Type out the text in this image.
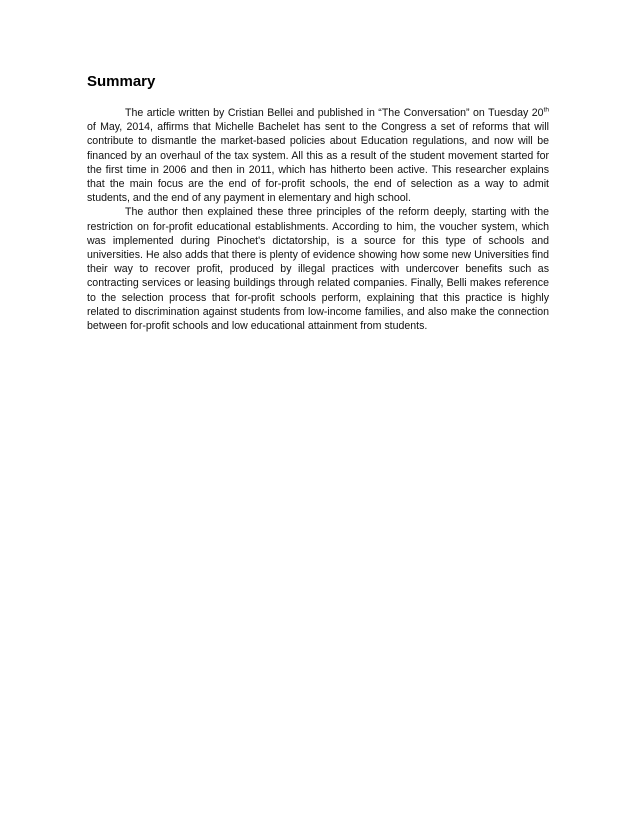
Summary

The article written by Cristian Bellei and published in “The Conversation” on Tuesday 20th of May, 2014, affirms that Michelle Bachelet has sent to the Congress a set of reforms that will contribute to dismantle the market-based policies about Education regulations, and now will be financed by an overhaul of the tax system. All this as a result of the student movement started for the first time in 2006 and then in 2011, which has hitherto been active. This researcher explains that the main focus are the end of for-profit schools, the end of selection as a way to admit students, and the end of any payment in elementary and high school.

The author then explained these three principles of the reform deeply, starting with the restriction on for-profit educational establishments. According to him, the voucher system, which was implemented during Pinochet's dictatorship, is a source for this type of schools and universities. He also adds that there is plenty of evidence showing how some new Universities find their way to recover profit, produced by illegal practices with undercover benefits such as contracting services or leasing buildings through related companies. Finally, Belli makes reference to the selection process that for-profit schools perform, explaining that this practice is highly related to discrimination against students from low-income families, and also make the connection between for-profit schools and low educational attainment from students.
